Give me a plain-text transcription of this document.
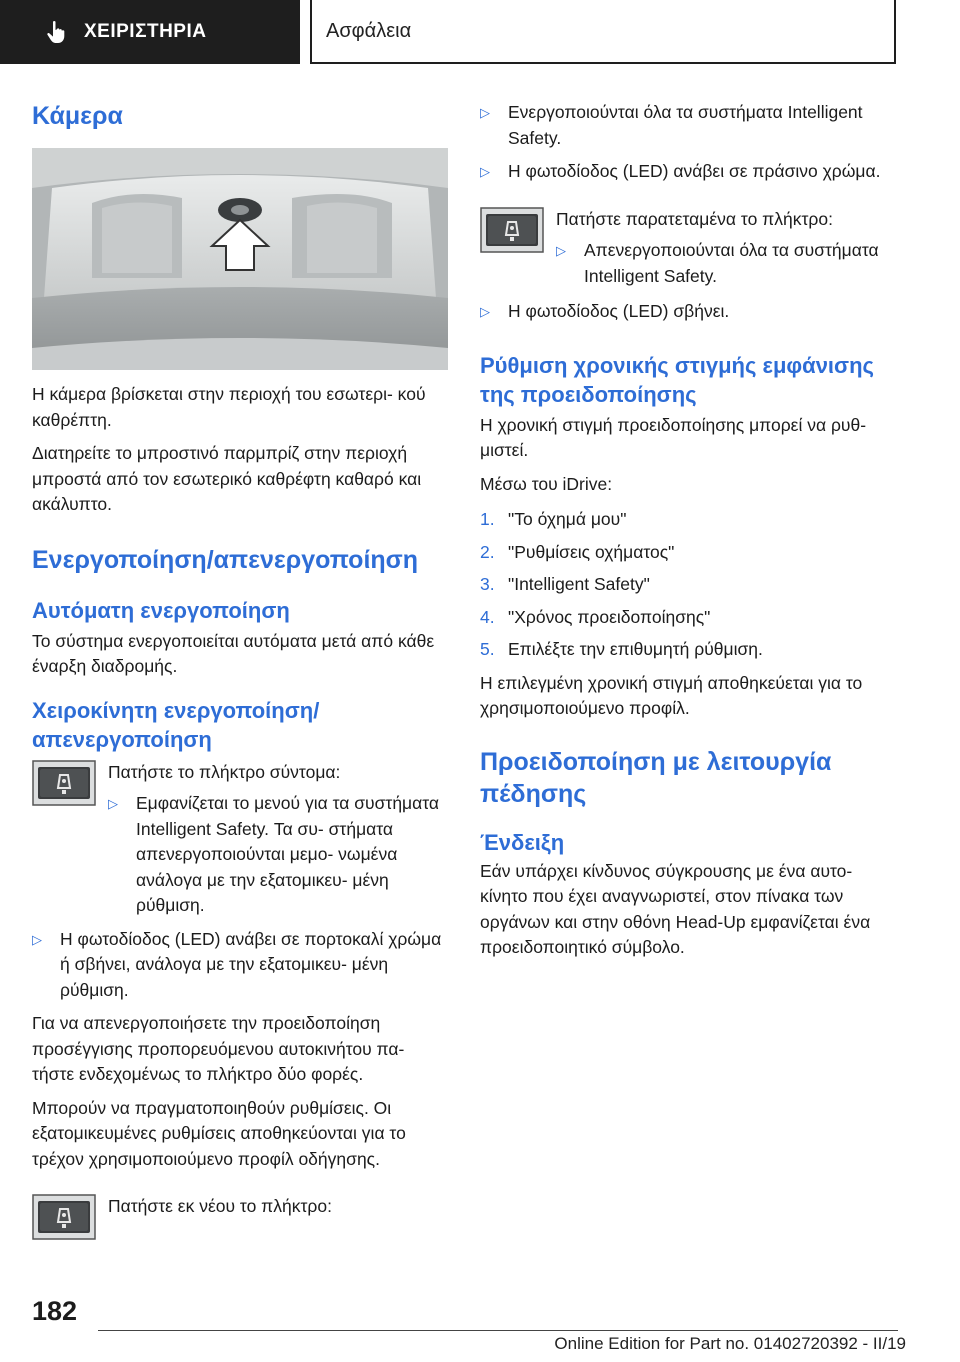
ΧΕΙΡΙΣΤΗΡΙΑ	Ασφάλεια
Κάμερα

Η κάμερα βρίσκεται στην περιοχή του εσωτερι- κού καθρέπτη.

Διατηρείτε το μπροστινό παρμπρίζ στην περιοχή μπροστά από τον εσωτερικό καθρέφτη καθαρό και ακάλυπτο.

Ενεργοποίηση/απενεργοποίηση
Αυτόματη ενεργοποίηση

Το σύστημα ενεργοποιείται αυτόματα μετά από κάθε έναρξη διαδρομής.

Χειροκίνητη ενεργοποίηση/ απενεργοποίηση

Πατήστε το πλήκτρο σύντομα:

▷	Εμφανίζεται το μενού για τα συστήματα Intelligent Safety. Τα συ- στήματα απενεργοποιούνται μεμο- νωμένα ανάλογα με την εξατομικευ- μένη ρύθμιση.

▷	Η φωτοδίοδος (LED) ανάβει σε πορτοκαλί χρώμα ή σβήνει, ανάλογα με την εξατομικευ- μένη ρύθμιση.

Για να απενεργοποιήσετε την προειδοποίηση προσέγγισης προπορευόμενου αυτοκινήτου πα- τήστε ενδεχομένως το πλήκτρο δύο φορές.

Μπορούν να πραγματοποιηθούν ρυθμίσεις. Οι εξατομικευμένες ρυθμίσεις αποθηκεύονται για το τρέχον χρησιμοποιούμενο προφίλ οδήγησης.

Πατήστε εκ νέου το πλήκτρο:

▷	Ενεργοποιούνται όλα τα συστήματα Intelligent Safety.

▷	Η φωτοδίοδος (LED) ανάβει σε πράσινο χρώμα.

Πατήστε παρατεταμένα το πλήκτρο:

▷	Απενεργοποιούνται όλα τα συστήματα Intelligent Safety.

▷	Η φωτοδίοδος (LED) σβήνει.

Ρύθμιση χρονικής στιγμής εμφάνισης της προειδοποίησης

Η χρονική στιγμή προειδοποίησης μπορεί να ρυθ- μιστεί.

Μέσω του iDrive:

1. "Το όχημά μου"

2. "Ρυθμίσεις οχήματος"

3. "Intelligent Safety"

4. "Χρόνος προειδοποίησης"

5. Επιλέξτε την επιθυμητή ρύθμιση.

Η επιλεγμένη χρονική στιγμή αποθηκεύεται για το χρησιμοποιούμενο προφίλ.

Προειδοποίηση με λειτουργία πέδησης
Ένδειξη

Εάν υπάρχει κίνδυνος σύγκρουσης με ένα αυτο- κίνητο που έχει αναγνωριστεί, στον πίνακα των οργάνων και στην οθόνη Head-Up εμφανίζεται ένα προειδοποιητικό σύμβολο.

182
Online Edition for Part no. 01402720392 - II/19
